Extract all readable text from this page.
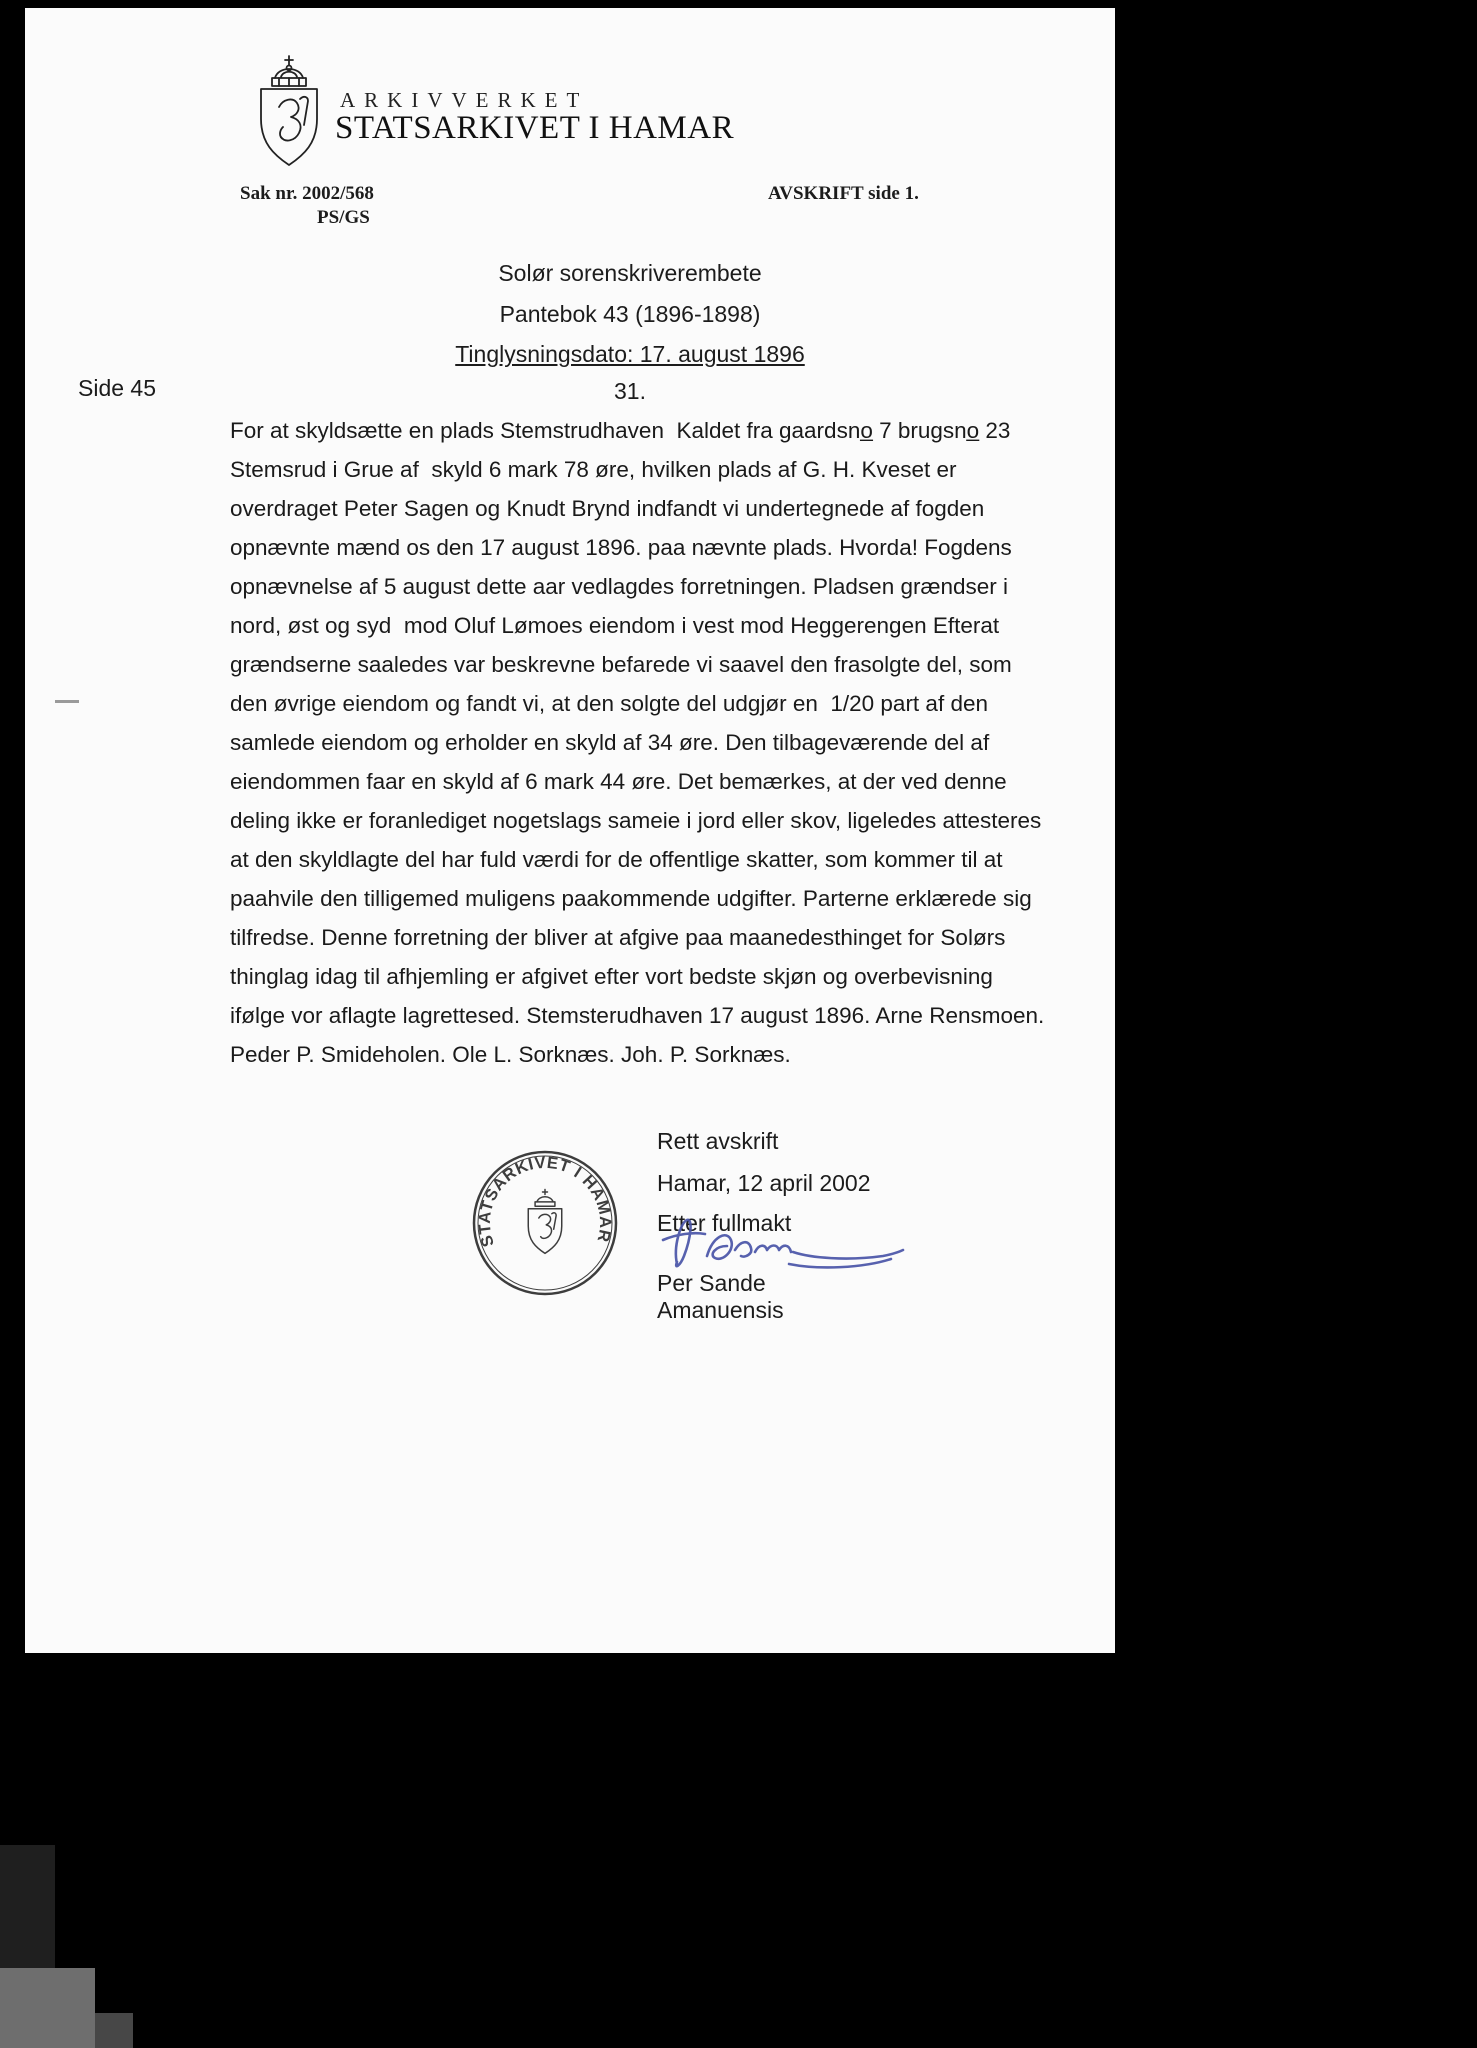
ARKIVVERKET
STATSARKIVET I HAMAR
Sak nr. 2002/568
PS/GS
AVSKRIFT side 1.
Solør sorenskriverembete
Pantebok 43 (1896-1898)
Tinglysningsdato: 17. august 1896
Side 45	31.
For at skyldsætte en plads Stemstrudhaven  Kaldet fra gaardsno̲ 7 brugsno̲ 23
Stemsrud i Grue af  skyld 6 mark 78 øre, hvilken plads af G. H. Kveset er
overdraget Peter Sagen og Knudt Brynd indfandt vi undertegnede af fogden
opnævnte mænd os den 17 august 1896. paa nævnte plads. Hvorda! Fogdens
opnævnelse af 5 august dette aar vedlagdes forretningen. Pladsen grændser i
nord, øst og syd  mod Oluf Lømoes eiendom i vest mod Heggerengen Efterat
grændserne saaledes var beskrevne befarede vi saavel den frasolgte del, som
den øvrige eiendom og fandt vi, at den solgte del udgjør en  1/20 part af den
samlede eiendom og erholder en skyld af 34 øre. Den tilbageværende del af
eiendommen faar en skyld af 6 mark 44 øre. Det bemærkes, at der ved denne
deling ikke er foranlediget nogetslags sameie i jord eller skov, ligeledes attesteres
at den skyldlagte del har fuld værdi for de offentlige skatter, som kommer til at
paahvile den tilligemed muligens paakommende udgifter. Parterne erklærede sig
tilfredse. Denne forretning der bliver at afgive paa maanedesthinget for Solørs
thinglag idag til afhjemling er afgivet efter vort bedste skjøn og overbevisning
ifølge vor aflagte lagrettesed. Stemsterudhaven 17 august 1896. Arne Rensmoen.
Peder P. Smideholen. Ole L. Sorknæs. Joh. P. Sorknæs.
STATSARKIVET I HAMAR
Rett avskrift
Hamar, 12 april 2002
Etter fullmakt
Per Sande
Amanuensis
